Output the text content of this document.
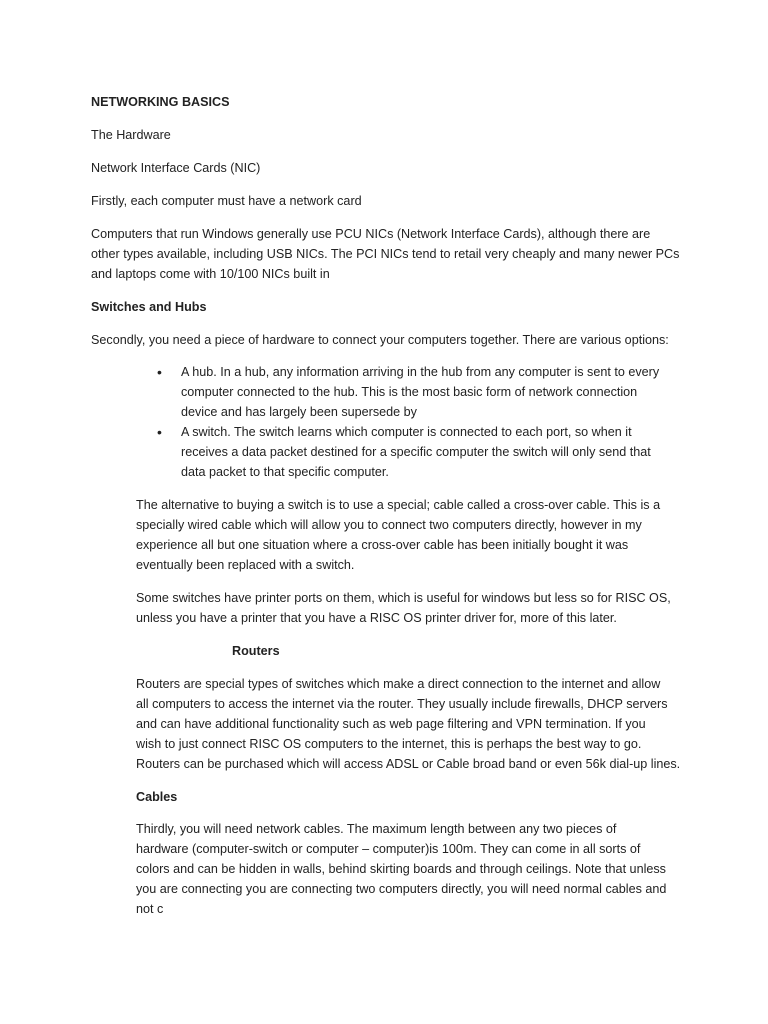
NETWORKING BASICS

The Hardware

Network Interface Cards (NIC)

Firstly, each computer must have a network card

Computers that run Windows generally use PCU NICs (Network Interface Cards), although there are
other types available, including USB NICs. The PCI NICs tend to retail very cheaply and many newer PCs
and laptops come with 10/100 NICs built in

Switches and Hubs

Secondly, you need a piece of hardware to connect your computers together. There are various options:

• A hub. In a hub, any information arriving in the hub from any computer is sent to every
computer connected to the hub. This is the most basic form of network connection
device and has largely been supersede by
• A switch. The switch learns which computer is connected to each port, so when it
receives a data packet destined for a specific computer the switch will only send that
data packet to that specific computer.
The alternative to buying a switch is to use a special; cable called a cross-over cable. This is a
specially wired cable which will allow you to connect two computers directly, however in my
experience all but one situation where a cross-over cable has been initially bought it was
eventually been replaced with a switch.
Some switches have printer ports on them, which is useful for windows but less so for RISC OS,
unless you have a printer that you have a RISC OS printer driver for, more of this later.

Routers

Routers are special types of switches which make a direct connection to the internet and allow
all computers to access the internet via the router. They usually include firewalls, DHCP servers
and can have additional functionality such as web page filtering and VPN termination. If you
wish to just connect RISC OS computers to the internet, this is perhaps the best way to go.
Routers can be purchased which will access ADSL or Cable broad band or even 56k dial-up lines.

Cables

Thirdly, you will need network cables. The maximum length between any two pieces of
hardware (computer-switch or computer – computer)is 100m. They can come in all sorts of
colors and can be hidden in walls, behind skirting boards and through ceilings. Note that unless
you are connecting you are connecting two computers directly, you will need normal cables and
not c
